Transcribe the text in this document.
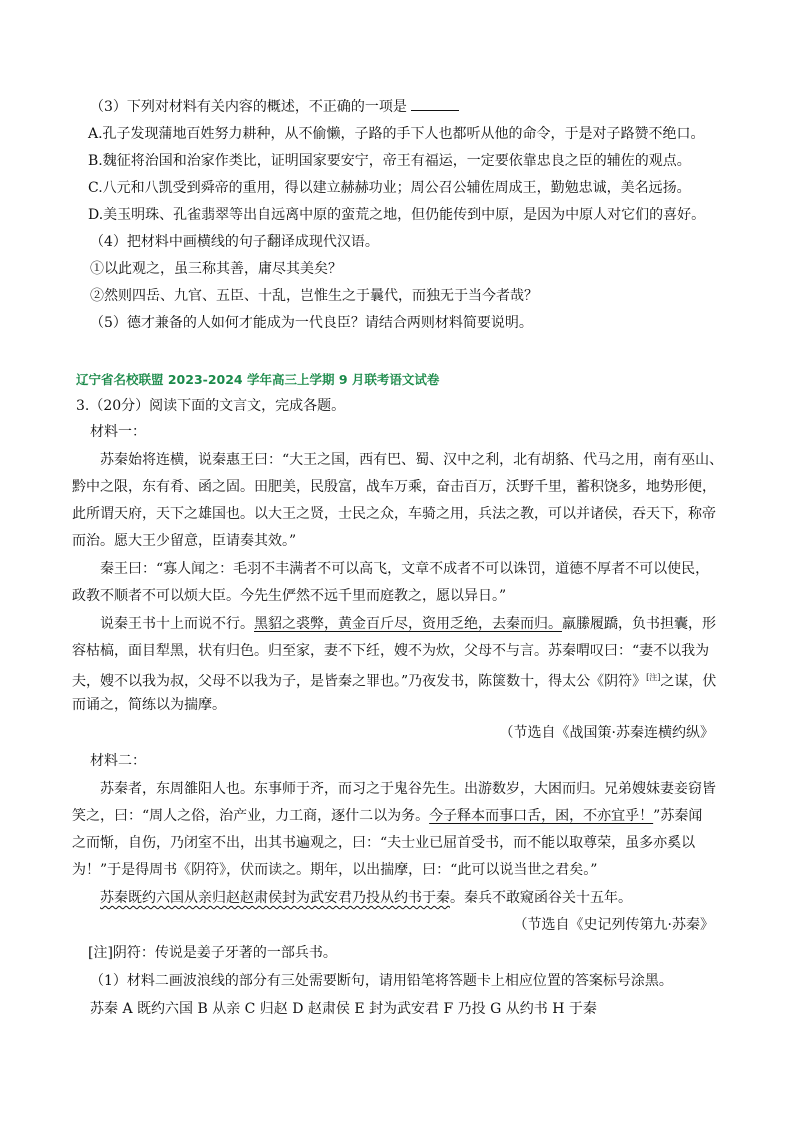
（3）下列对材料有关内容的概述，不正确的一项是
A.孔子发现蒲地百姓努力耕种，从不偷懒，子路的手下人也都听从他的命令，于是对子路赞不绝口。
B.魏征将治国和治家作类比，证明国家要安宁，帝王有福运，一定要依靠忠良之臣的辅佐的观点。
C.八元和八凯受到舜帝的重用，得以建立赫赫功业；周公召公辅佐周成王，勤勉忠诚，美名远扬。
D.美玉明珠、孔雀翡翠等出自远离中原的蛮荒之地，但仍能传到中原，是因为中原人对它们的喜好。
（4）把材料中画横线的句子翻译成现代汉语。
①以此观之，虽三称其善，庸尽其美矣？
②然则四岳、九官、五臣、十乱，岂惟生之于曩代，而独无于当今者哉？
（5）德才兼备的人如何才能成为一代良臣？请结合两则材料简要说明。
辽宁省名校联盟 2023-2024 学年高三上学期 9 月联考语文试卷
3.（20分）阅读下面的文言文，完成各题。
材料一：
苏秦始将连横，说秦惠王曰：“大王之国，西有巴、蜀、汉中之利，北有胡貉、代马之用，南有巫山、
黔中之限，东有肴、函之固。田肥美，民殷富，战车万乘，奋击百万，沃野千里，蓄积饶多，地势形便，
此所谓天府，天下之雄国也。以大王之贤，士民之众，车骑之用，兵法之教，可以并诸侯，吞天下，称帝
而治。愿大王少留意，臣请奏其效。”
秦王曰：“寡人闻之：毛羽不丰满者不可以高飞，文章不成者不可以诛罚，道德不厚者不可以使民，
政教不顺者不可以烦大臣。今先生俨然不远千里而庭教之，愿以异日。”
说秦王书十上而说不行。黑貂之裘弊，黄金百斤尽，资用乏绝，去秦而归。羸縢履蹻，负书担囊，形
容枯槁，面目犁黑，状有归色。归至家，妻不下纴，嫂不为炊，父母不与言。苏秦喟叹曰：“妻不以我为
夫，嫂不以我为叔，父母不以我为子，是皆秦之罪也。”乃夜发书，陈箧数十，得太公《阴符》[注]之谋，伏
而诵之，简练以为揣摩。
（节选自《战国策·苏秦连横约纵》
材料二：
苏秦者，东周雒阳人也。东事师于齐，而习之于鬼谷先生。出游数岁，大困而归。兄弟嫂妹妻妾窃皆
笑之，曰：“周人之俗，治产业，力工商，逐什二以为务。今子释本而事口舌，困，不亦宜乎！”苏秦闻
之而惭，自伤，乃闭室不出，出其书遍观之，曰：“夫士业已屈首受书，而不能以取尊荣，虽多亦奚以
为！”于是得周书《阴符》，伏而读之。期年，以出揣摩，曰：“此可以说当世之君矣。”
苏秦既约六国从亲归赵赵肃侯封为武安君乃投从约书于秦。秦兵不敢窥函谷关十五年。
（节选自《史记列传第九·苏秦》
[注]阴符：传说是姜子牙著的一部兵书。
（1）材料二画波浪线的部分有三处需要断句，请用铅笔将答题卡上相应位置的答案标号涂黑。
苏秦 A 既约六国 B 从亲 C 归赵 D 赵肃侯 E 封为武安君 F 乃投 G 从约书 H 于秦
